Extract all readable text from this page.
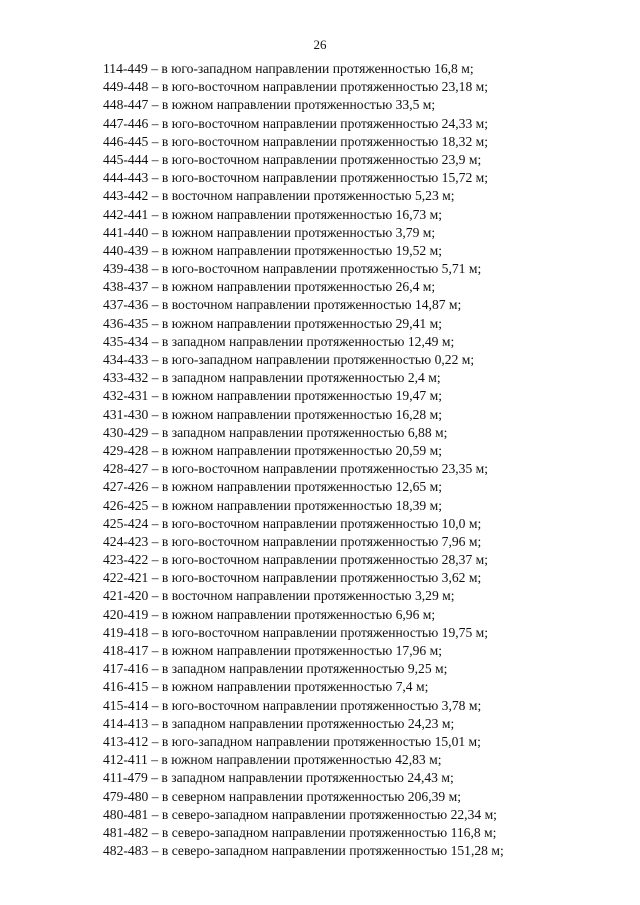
26
114-449 – в юго-западном направлении протяженностью 16,8 м;
449-448 – в юго-восточном направлении протяженностью 23,18 м;
448-447 – в южном направлении протяженностью 33,5 м;
447-446 – в юго-восточном направлении протяженностью 24,33 м;
446-445 – в юго-восточном направлении протяженностью 18,32 м;
445-444 – в юго-восточном направлении протяженностью 23,9 м;
444-443 – в юго-восточном направлении протяженностью 15,72 м;
443-442 – в восточном направлении протяженностью 5,23 м;
442-441 – в южном направлении протяженностью 16,73 м;
441-440 – в южном направлении протяженностью 3,79 м;
440-439 – в южном направлении протяженностью 19,52 м;
439-438 – в юго-восточном направлении протяженностью 5,71 м;
438-437 – в южном направлении протяженностью 26,4 м;
437-436 – в восточном направлении протяженностью 14,87 м;
436-435 – в южном направлении протяженностью 29,41 м;
435-434 – в западном направлении протяженностью 12,49 м;
434-433 – в юго-западном направлении протяженностью 0,22 м;
433-432 – в западном направлении протяженностью 2,4 м;
432-431 – в южном направлении протяженностью 19,47 м;
431-430 – в южном направлении протяженностью 16,28 м;
430-429 – в западном направлении протяженностью 6,88 м;
429-428 – в южном направлении протяженностью 20,59 м;
428-427 – в юго-восточном направлении протяженностью 23,35 м;
427-426 – в южном направлении протяженностью 12,65 м;
426-425 – в южном направлении протяженностью 18,39 м;
425-424 – в юго-восточном направлении протяженностью 10,0 м;
424-423 – в юго-восточном направлении протяженностью 7,96 м;
423-422 – в юго-восточном направлении протяженностью 28,37 м;
422-421 – в юго-восточном направлении протяженностью 3,62 м;
421-420 – в восточном направлении протяженностью 3,29 м;
420-419 – в южном направлении протяженностью 6,96 м;
419-418 – в юго-восточном направлении протяженностью 19,75 м;
418-417 – в южном направлении протяженностью 17,96 м;
417-416 – в западном направлении протяженностью 9,25 м;
416-415 – в южном направлении протяженностью 7,4 м;
415-414 – в юго-восточном направлении протяженностью 3,78 м;
414-413 – в западном направлении протяженностью 24,23 м;
413-412 – в юго-западном направлении протяженностью 15,01 м;
412-411 – в южном направлении протяженностью 42,83 м;
411-479 – в западном направлении протяженностью 24,43 м;
479-480 – в северном направлении протяженностью 206,39 м;
480-481 – в северо-западном направлении протяженностью 22,34 м;
481-482 – в северо-западном направлении протяженностью 116,8 м;
482-483 – в северо-западном направлении протяженностью 151,28 м;
